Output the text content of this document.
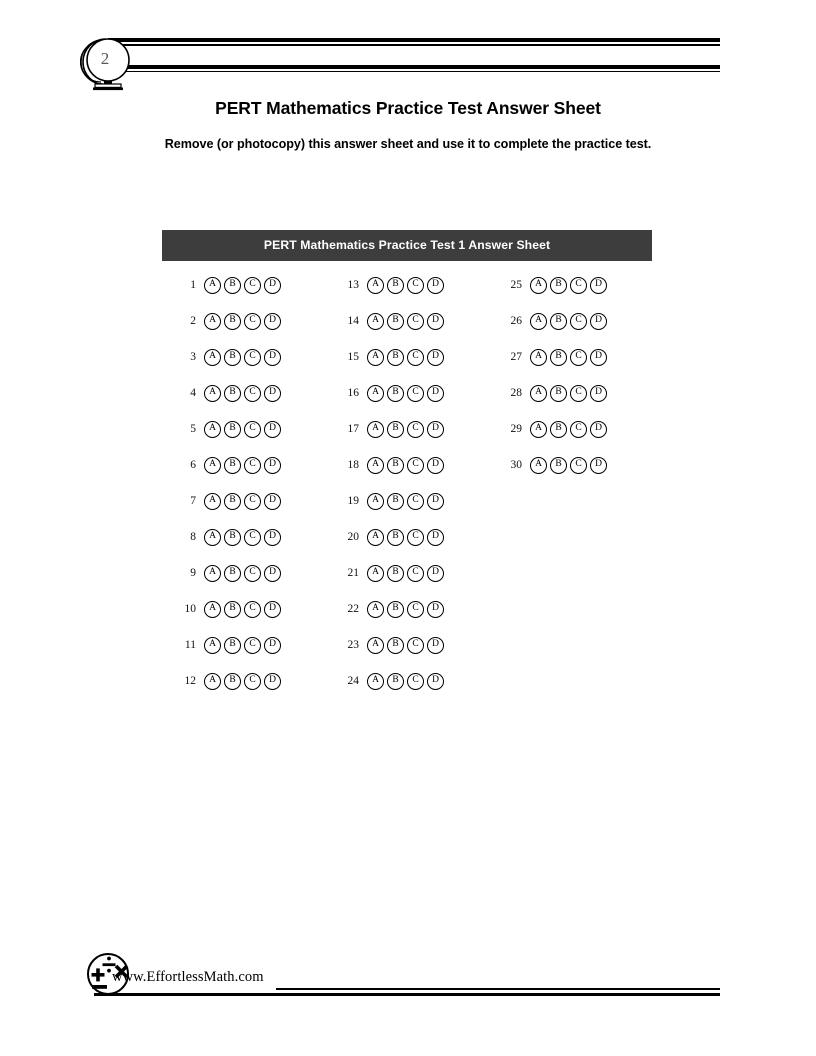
2
PERT Mathematics Practice Test Answer Sheet
Remove (or photocopy) this answer sheet and use it to complete the practice test.
PERT Mathematics Practice Test 1 Answer Sheet
1	A	B	C	D
2	A	B	C	D
3	A	B	C	D
4	A	B	C	D
5	A	B	C	D
6	A	B	C	D
7	A	B	C	D
8	A	B	C	D
9	A	B	C	D
10	A	B	C	D
11	A	B	C	D
12	A	B	C	D
13	A	B	C	D
14	A	B	C	D
15	A	B	C	D
16	A	B	C	D
17	A	B	C	D
18	A	B	C	D
19	A	B	C	D
20	A	B	C	D
21	A	B	C	D
22	A	B	C	D
23	A	B	C	D
24	A	B	C	D
25	A	B	C	D
26	A	B	C	D
27	A	B	C	D
28	A	B	C	D
29	A	B	C	D
30	A	B	C	D
www.EffortlessMath.com
